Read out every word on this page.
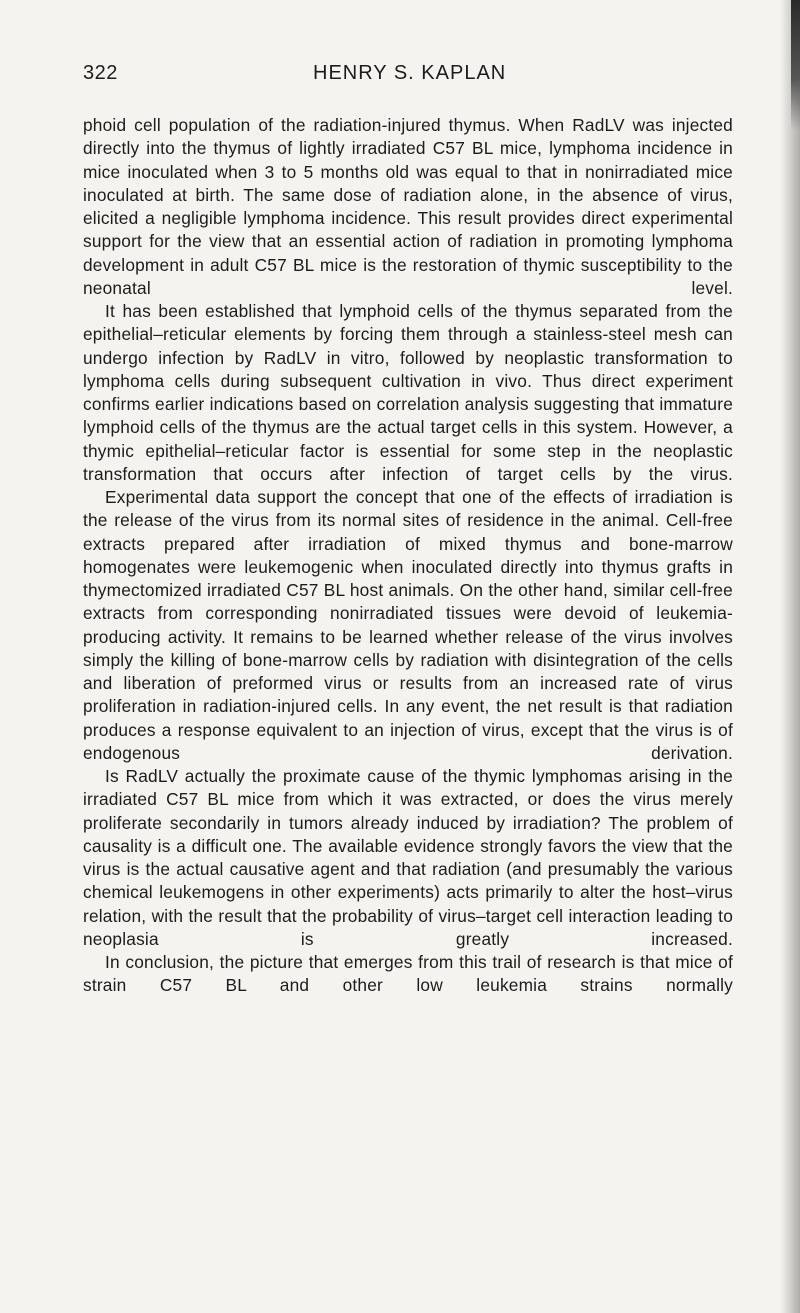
322	HENRY S. KAPLAN

phoid cell population of the radiation-injured thymus. When RadLV was injected directly into the thymus of lightly irradiated C57 BL mice, lymphoma incidence in mice inoculated when 3 to 5 months old was equal to that in nonirradiated mice inoculated at birth. The same dose of radiation alone, in the absence of virus, elicited a negligible lymphoma incidence. This result provides direct experimental support for the view that an essential action of radiation in promoting lymphoma development in adult C57 BL mice is the restoration of thymic susceptibility to the neonatal level.

It has been established that lymphoid cells of the thymus separated from the epithelial–reticular elements by forcing them through a stainless-steel mesh can undergo infection by RadLV in vitro, followed by neoplastic transformation to lymphoma cells during subsequent cultivation in vivo. Thus direct experiment confirms earlier indications based on correlation analysis suggesting that immature lymphoid cells of the thymus are the actual target cells in this system. However, a thymic epithelial–reticular factor is essential for some step in the neoplastic transformation that occurs after infection of target cells by the virus.

Experimental data support the concept that one of the effects of irradiation is the release of the virus from its normal sites of residence in the animal. Cell-free extracts prepared after irradiation of mixed thymus and bone-marrow homogenates were leukemogenic when inoculated directly into thymus grafts in thymectomized irradiated C57 BL host animals. On the other hand, similar cell-free extracts from corresponding nonirradiated tissues were devoid of leukemia-producing activity. It remains to be learned whether release of the virus involves simply the killing of bone-marrow cells by radiation with disintegration of the cells and liberation of preformed virus or results from an increased rate of virus proliferation in radiation-injured cells. In any event, the net result is that radiation produces a response equivalent to an injection of virus, except that the virus is of endogenous derivation.

Is RadLV actually the proximate cause of the thymic lymphomas arising in the irradiated C57 BL mice from which it was extracted, or does the virus merely proliferate secondarily in tumors already induced by irradiation? The problem of causality is a difficult one. The available evidence strongly favors the view that the virus is the actual causative agent and that radiation (and presumably the various chemical leukemogens in other experiments) acts primarily to alter the host–virus relation, with the result that the probability of virus–target cell interaction leading to neoplasia is greatly increased.

In conclusion, the picture that emerges from this trail of research is that mice of strain C57 BL and other low leukemia strains normally
